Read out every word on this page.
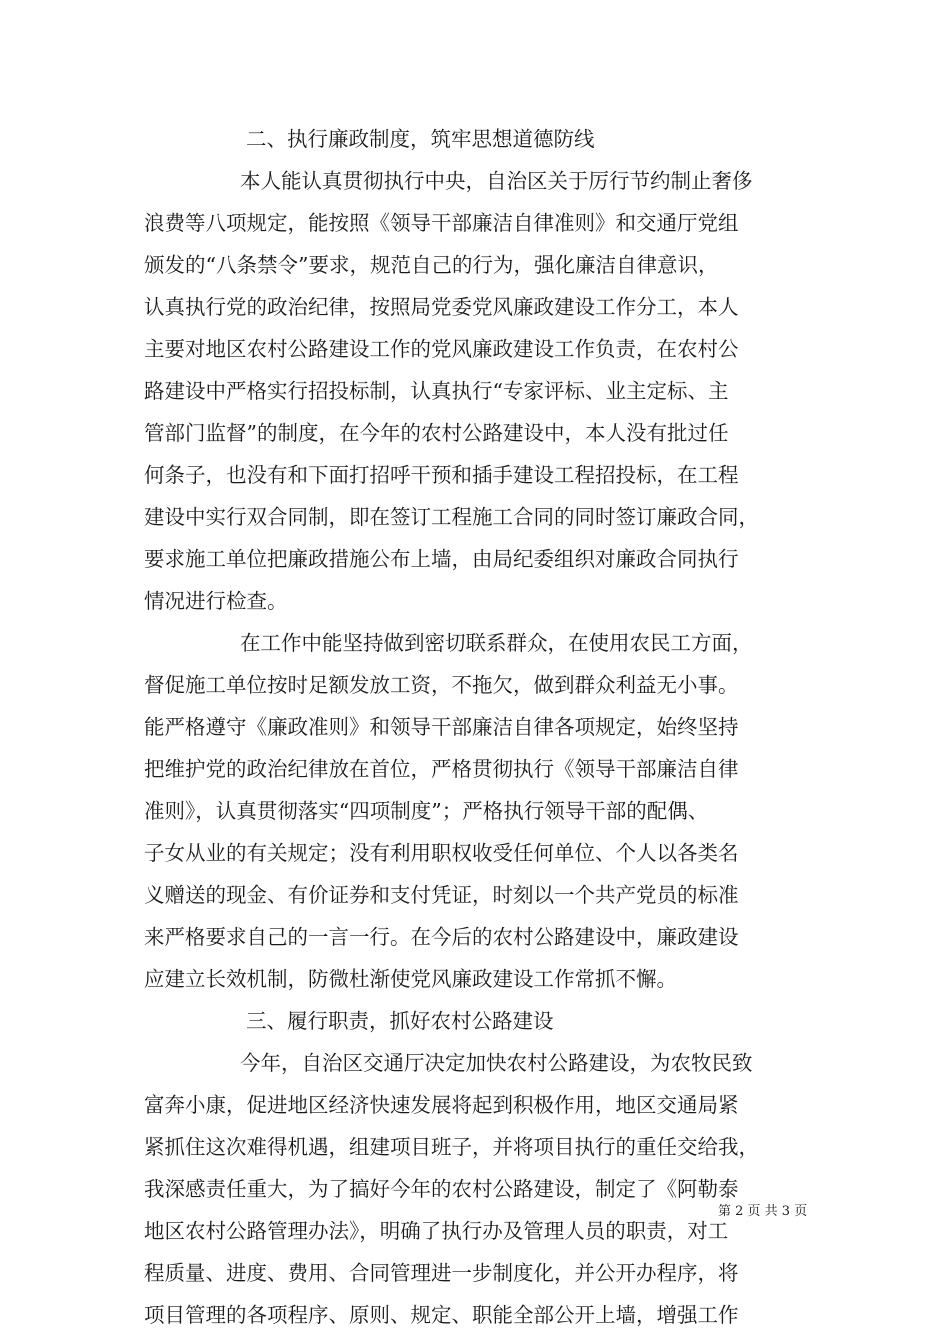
二、执行廉政制度，筑牢思想道德防线
本人能认真贯彻执行中央，自治区关于厉行节约制止奢侈
浪费等八项规定，能按照《领导干部廉洁自律准则》和交通厅党组
颁发的“八条禁令”要求，规范自己的行为，强化廉洁自律意识，
认真执行党的政治纪律，按照局党委党风廉政建设工作分工，本人
主要对地区农村公路建设工作的党风廉政建设工作负责，在农村公
路建设中严格实行招投标制，认真执行“专家评标、业主定标、主
管部门监督”的制度，在今年的农村公路建设中，本人没有批过任
何条子，也没有和下面打招呼干预和插手建设工程招投标，在工程
建设中实行双合同制，即在签订工程施工合同的同时签订廉政合同，
要求施工单位把廉政措施公布上墙，由局纪委组织对廉政合同执行
情况进行检查。
在工作中能坚持做到密切联系群众，在使用农民工方面，
督促施工单位按时足额发放工资，不拖欠，做到群众利益无小事。
能严格遵守《廉政准则》和领导干部廉洁自律各项规定，始终坚持
把维护党的政治纪律放在首位，严格贯彻执行《领导干部廉洁自律
准则》，认真贯彻落实“四项制度”；严格执行领导干部的配偶、
子女从业的有关规定；没有利用职权收受任何单位、个人以各类名
义赠送的现金、有价证券和支付凭证，时刻以一个共产党员的标准
来严格要求自己的一言一行。在今后的农村公路建设中，廉政建设
应建立长效机制，防微杜渐使党风廉政建设工作常抓不懈。
三、履行职责，抓好农村公路建设
今年，自治区交通厅决定加快农村公路建设，为农牧民致
富奔小康，促进地区经济快速发展将起到积极作用，地区交通局紧
紧抓住这次难得机遇，组建项目班子，并将项目执行的重任交给我，
我深感责任重大，为了搞好今年的农村公路建设，制定了《阿勒泰
地区农村公路管理办法》，明确了执行办及管理人员的职责，对工
程质量、进度、费用、合同管理进一步制度化，并公开办程序，将
项目管理的各项程序、原则、规定、职能全部公开上墙，增强工作
第 2 页 共 3 页
